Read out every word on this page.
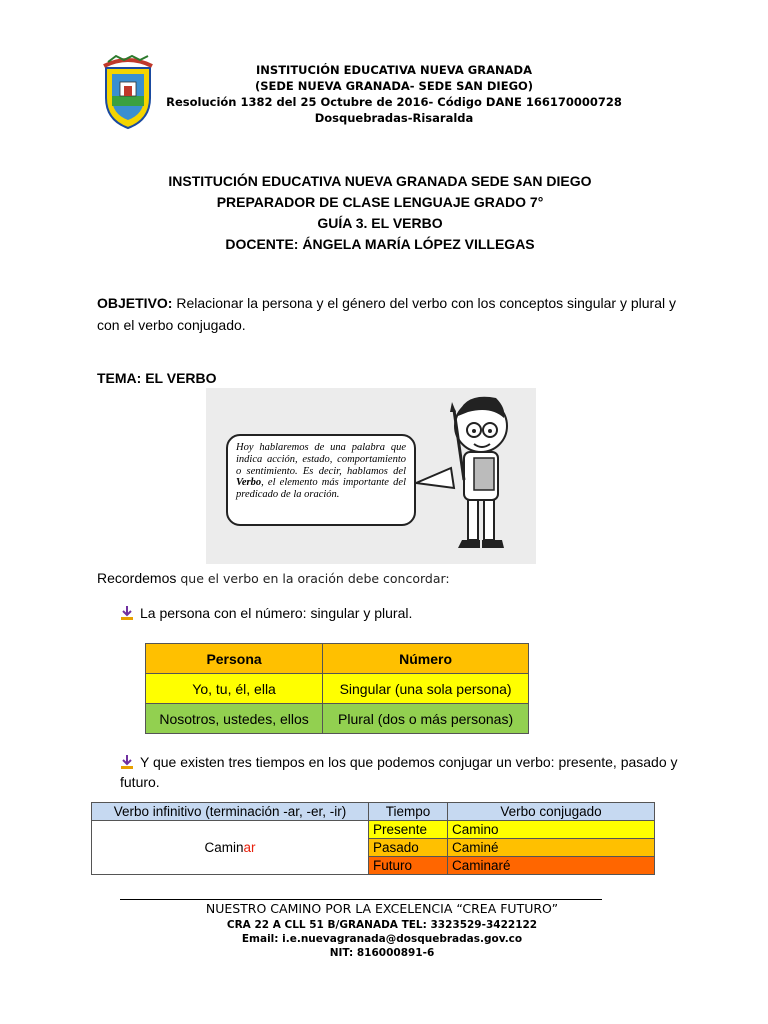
INSTITUCIÓN EDUCATIVA NUEVA GRANADA
(SEDE NUEVA GRANADA- SEDE SAN DIEGO)
Resolución 1382 del 25 Octubre de 2016- Código DANE 166170000728
Dosquebradas-Risaralda
INSTITUCIÓN EDUCATIVA NUEVA GRANADA SEDE SAN DIEGO
PREPARADOR DE CLASE LENGUAJE GRADO 7°
GUÍA 3. EL VERBO
DOCENTE: ÁNGELA MARÍA LÓPEZ VILLEGAS
OBJETIVO: Relacionar la persona y el género del verbo con los conceptos singular y plural y con el verbo conjugado.
TEMA: EL VERBO
Hoy hablaremos de una palabra que indica acción, estado, comportamiento o sentimiento. Es decir, hablamos del Verbo, el elemento más importante del predicado de la oración.
Recordemos que el verbo en la oración debe concordar:
La persona con el número: singular y plural.
Persona	Número
Yo, tu, él, ella	Singular (una sola persona)
Nosotros, ustedes, ellos	Plural (dos o más personas)
Y que existen tres tiempos en los que podemos conjugar un verbo: presente, pasado y futuro.
Verbo infinitivo (terminación -ar, -er, -ir)	Tiempo	Verbo conjugado
Caminar	Presente	Camino
	Pasado	Caminé
	Futuro	Caminaré
NUESTRO CAMINO POR LA EXCELENCIA “CREA FUTURO”
CRA 22 A CLL 51 B/GRANADA TEL: 3323529-3422122
Email: i.e.nuevagranada@dosquebradas.gov.co
NIT: 816000891-6
